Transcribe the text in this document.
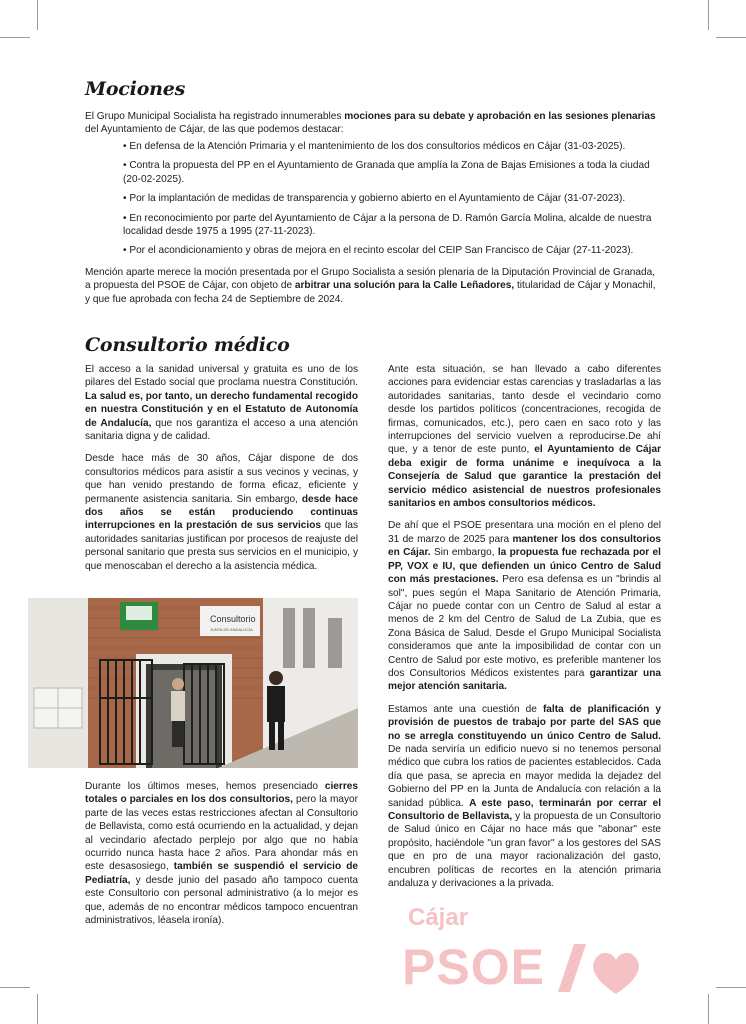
Mociones

El Grupo Municipal Socialista ha registrado innumerables mociones para su debate y aprobación en las sesiones plenarias del Ayuntamiento de Cájar, de las que podemos destacar:

• En defensa de la Atención Primaria y el mantenimiento de los dos consultorios médicos en Cájar (31-03-2025).

• Contra la propuesta del PP en el Ayuntamiento de Granada que amplía la Zona de Bajas Emisiones a toda la ciudad (20-02-2025).

• Por la implantación de medidas de transparencia y gobierno abierto en el Ayuntamiento de Cájar (31-07-2023).

• En reconocimiento por parte del Ayuntamiento de Cájar a la persona de D. Ramón García Molina, alcalde de nuestra localidad desde 1975 a 1995 (27-11-2023).

• Por el acondicionamiento y obras de mejora en el recinto escolar del CEIP San Francisco de Cájar (27-11-2023).

Mención aparte merece la moción presentada por el Grupo Socialista a sesión plenaria de la Diputación Provincial de Granada, a propuesta del PSOE de Cájar, con objeto de arbitrar una solución para la Calle Leñadores, titularidad de Cájar y Monachil, y que fue aprobada con fecha 24 de Septiembre de 2024.

Consultorio médico

El acceso a la sanidad universal y gratuita es uno de los pilares del Estado social que proclama nuestra Constitución. La salud es, por tanto, un derecho fundamental recogido en nuestra Constitución y en el Estatuto de Autonomía de Andalucía, que nos garantiza el acceso a una atención sanitaria digna y de calidad.

Desde hace más de 30 años, Cájar dispone de dos consultorios médicos para asistir a sus vecinos y vecinas, y que han venido prestando de forma eficaz, eficiente y permanente asistencia sanitaria. Sin embargo, desde hace dos años se están produciendo continuas interrupciones en la prestación de sus servicios que las autoridades sanitarias justifican por procesos de reajuste del personal sanitario que presta sus servicios en el municipio, y que menoscaban el derecho a la asistencia médica.

Consultorio
JUNTA DE ANDALUCÍA

Durante los últimos meses, hemos presenciado cierres totales o parciales en los dos consultorios, pero la mayor parte de las veces estas restricciones afectan al Consultorio de Bellavista, como está ocurriendo en la actualidad, y dejan al vecindario afectado perplejo por algo que no había ocurrido nunca hasta hace 2 años. Para ahondar más en este desasosiego, también se suspendió el servicio de Pediatría, y desde junio del pasado año tampoco cuenta este Consultorio con personal administrativo (a lo mejor es que, además de no encontrar médicos tampoco encuentran administrativos, léasela ironía).

Ante esta situación, se han llevado a cabo diferentes acciones para evidenciar estas carencias y trasladarlas a las autoridades sanitarias, tanto desde el vecindario como desde los partidos políticos (concentraciones, recogida de firmas, comunicados, etc.), pero caen en saco roto y las interrupciones del servicio vuelven a reproducirse.De ahí que, y a tenor de este punto, el Ayuntamiento de Cájar deba exigir de forma unánime e inequívoca a la Consejería de Salud que garantice la prestación del servicio médico asistencial de nuestros profesionales sanitarios en ambos consultorios médicos.

De ahí que el PSOE presentara una moción en el pleno del 31 de marzo de 2025 para mantener los dos consultorios en Cájar. Sin embargo, la propuesta fue rechazada por el PP, VOX e IU, que defienden un único Centro de Salud con más prestaciones. Pero esa defensa es un "brindis al sol", pues según el Mapa Sanitario de Atención Primaria, Cájar no puede contar con un Centro de Salud al estar a menos de 2 km del Centro de Salud de La Zubia, que es Zona Básica de Salud. Desde el Grupo Municipal Socialista consideramos que ante la imposibilidad de contar con un Centro de Salud por este motivo, es preferible mantener los dos Consultorios Médicos existentes para garantizar una mejor atención sanitaria.

Estamos ante una cuestión de falta de planificación y provisión de puestos de trabajo por parte del SAS que no se arregla constituyendo un único Centro de Salud. De nada serviría un edificio nuevo si no tenemos personal médico que cubra los ratios de pacientes establecidos. Cada día que pasa, se aprecia en mayor medida la dejadez del Gobierno del PP en la Junta de Andalucía con relación a la sanidad pública. A este paso, terminarán por cerrar el Consultorio de Bellavista, y la propuesta de un Consultorio de Salud único en Cájar no hace más que "abonar" este propósito, haciéndole "un gran favor" a los gestores del SAS que en pro de una mayor racionalización del gasto, encubren políticas de recortes en la atención primaria andaluza y derivaciones a la privada.

Cájar
PSOE
